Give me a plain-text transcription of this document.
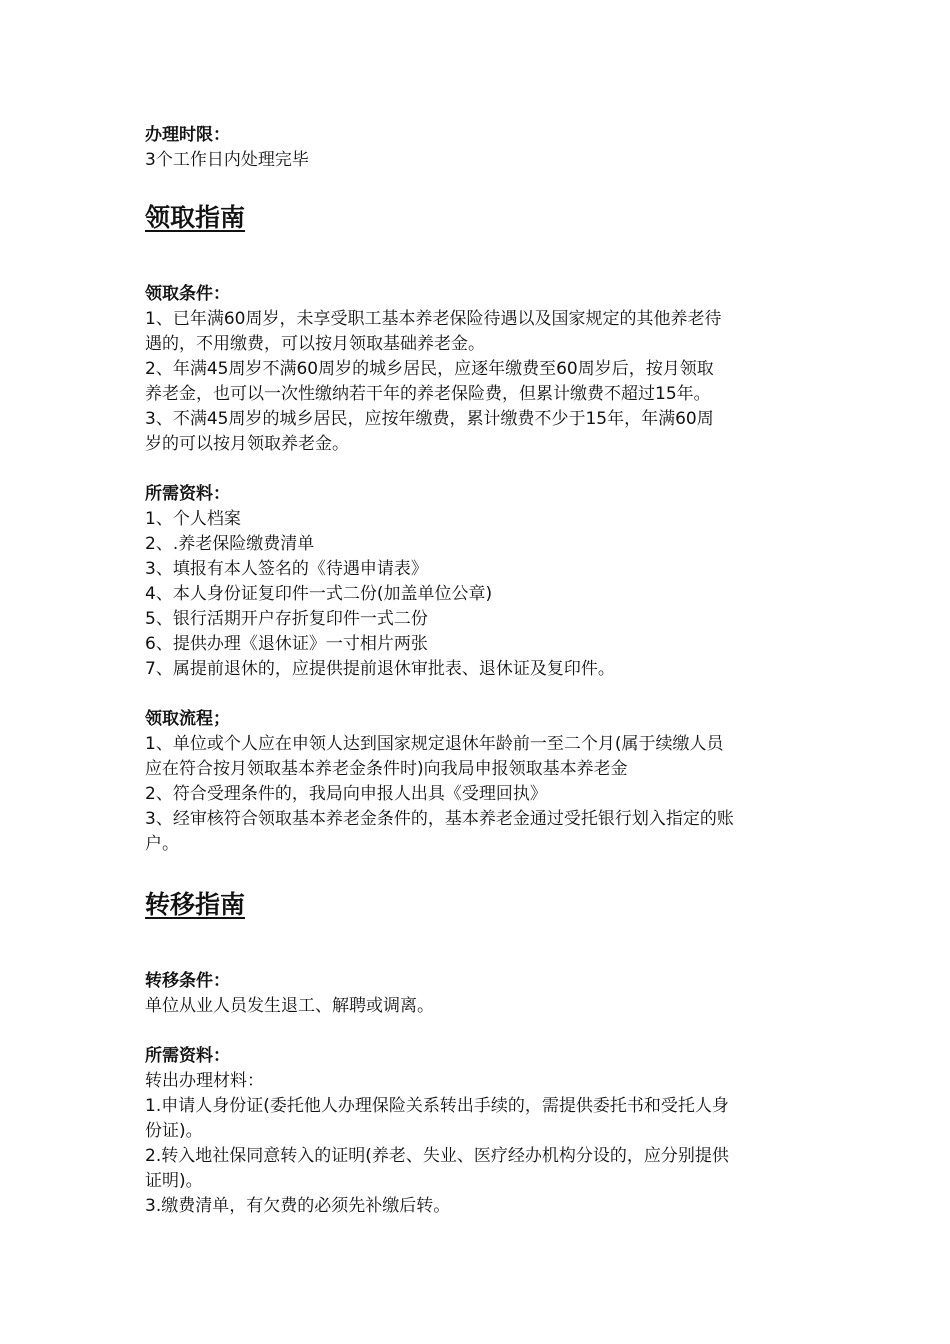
办理时限：

3个工作日内处理完毕

领取指南

领取条件：

1、已年满60周岁，未享受职工基本养老保险待遇以及国家规定的其他养老待

遇的，不用缴费，可以按月领取基础养老金。

2、年满45周岁不满60周岁的城乡居民，应逐年缴费至60周岁后，按月领取

养老金，也可以一次性缴纳若干年的养老保险费，但累计缴费不超过15年。

3、不满45周岁的城乡居民，应按年缴费，累计缴费不少于15年，年满60周

岁的可以按月领取养老金。

所需资料：

1、个人档案

2、.养老保险缴费清单

3、填报有本人签名的《待遇申请表》

4、本人身份证复印件一式二份(加盖单位公章)

5、银行活期开户存折复印件一式二份

6、提供办理《退休证》一寸相片两张

7、属提前退休的，应提供提前退休审批表、退休证及复印件。

领取流程；

1、单位或个人应在申领人达到国家规定退休年龄前一至二个月(属于续缴人员

应在符合按月领取基本养老金条件时)向我局申报领取基本养老金

2、符合受理条件的，我局向申报人出具《受理回执》

3、经审核符合领取基本养老金条件的，基本养老金通过受托银行划入指定的账

户。

转移指南

转移条件：

单位从业人员发生退工、解聘或调离。

所需资料：

转出办理材料：

1.申请人身份证(委托他人办理保险关系转出手续的，需提供委托书和受托人身

份证)。

2.转入地社保同意转入的证明(养老、失业、医疗经办机构分设的，应分别提供

证明)。

3.缴费清单，有欠费的必须先补缴后转。
